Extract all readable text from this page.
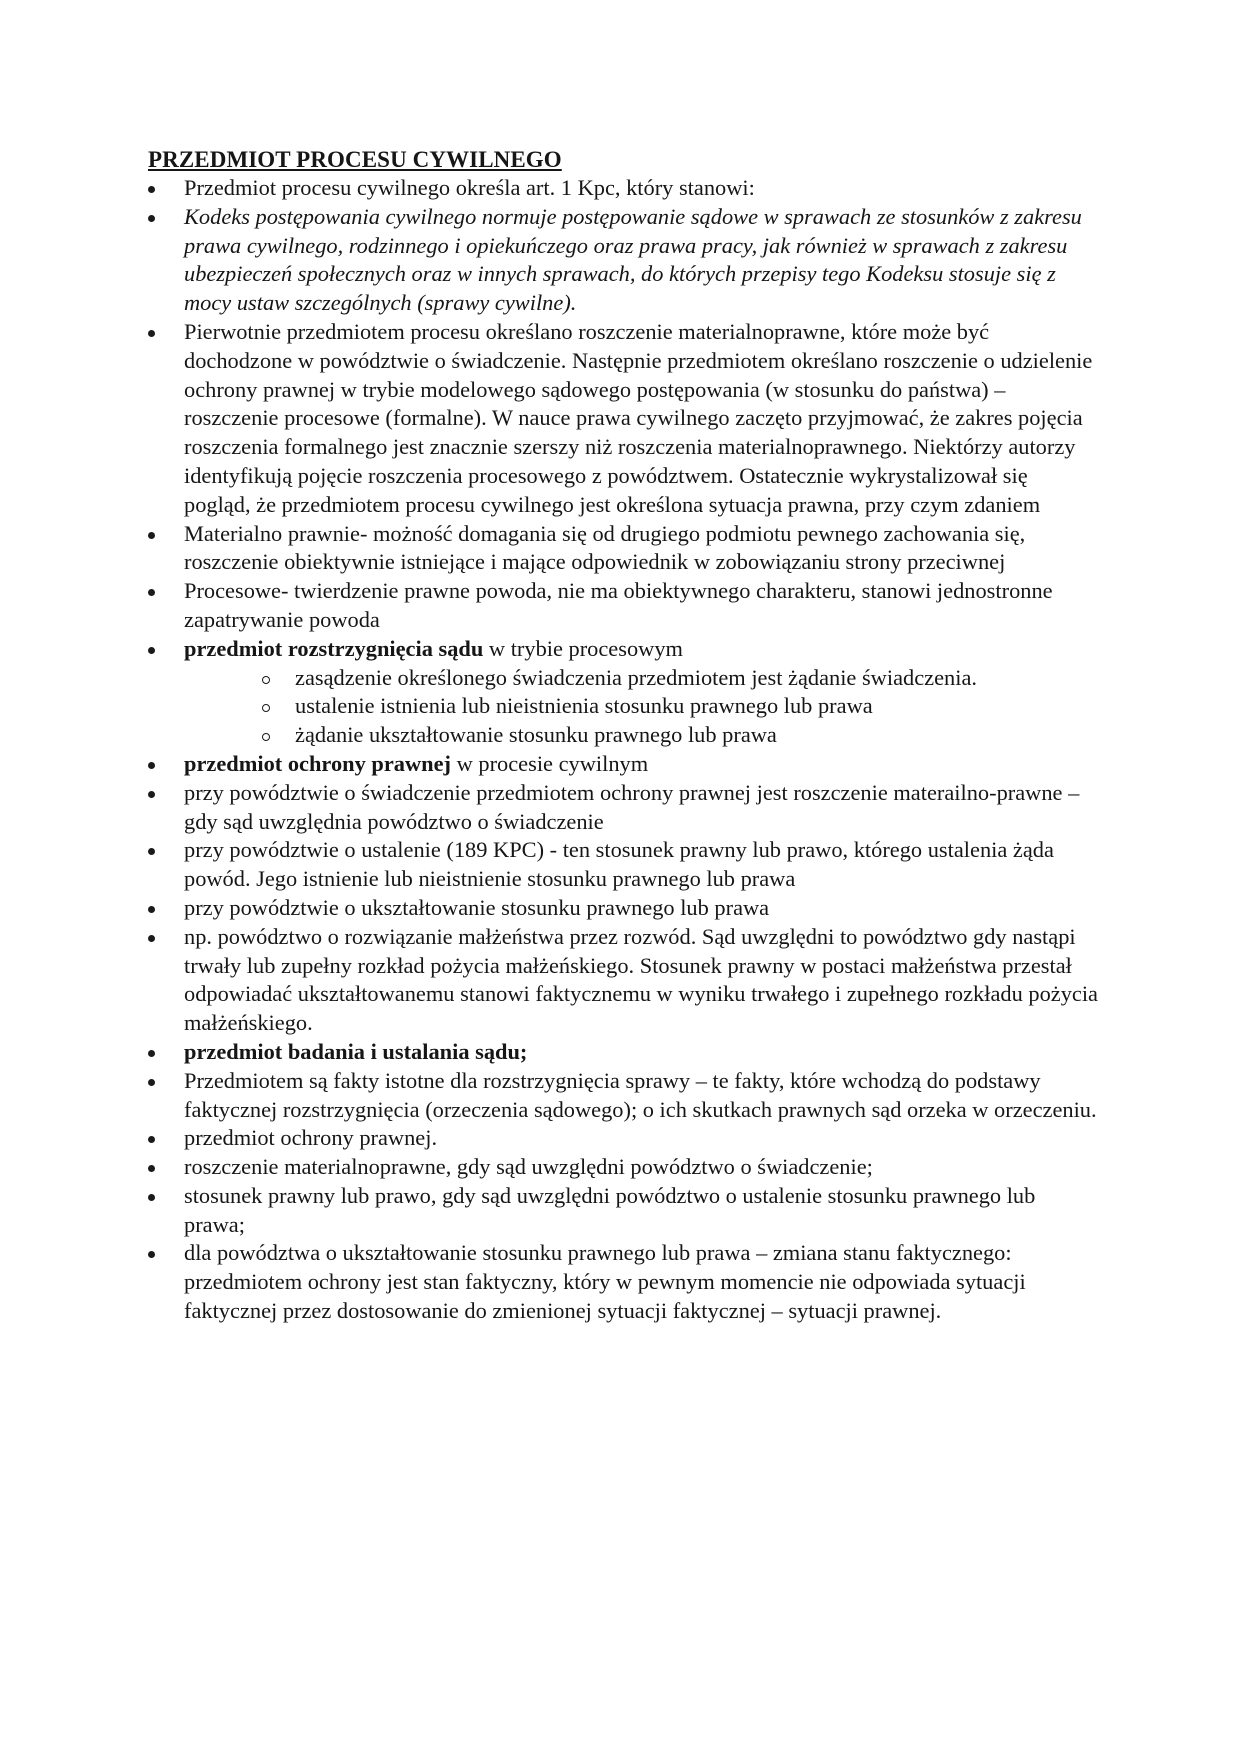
PRZEDMIOT PROCESU CYWILNEGO
Przedmiot procesu cywilnego określa art. 1 Kpc, który stanowi:
Kodeks postępowania cywilnego normuje postępowanie sądowe w sprawach ze stosunków z zakresu prawa cywilnego, rodzinnego i opiekuńczego oraz prawa pracy, jak również w sprawach z zakresu ubezpieczeń społecznych oraz w innych sprawach, do których przepisy tego Kodeksu stosuje się z mocy ustaw szczególnych (sprawy cywilne).
Pierwotnie przedmiotem procesu określano roszczenie materialnoprawne, które może być dochodzone w powództwie o świadczenie. Następnie przedmiotem określano roszczenie o udzielenie ochrony prawnej w trybie modelowego sądowego postępowania (w stosunku do państwa) – roszczenie procesowe (formalne). W nauce prawa cywilnego zaczęto przyjmować, że zakres pojęcia roszczenia formalnego jest znacznie szerszy niż roszczenia materialnoprawnego. Niektórzy autorzy identyfikują pojęcie roszczenia procesowego z powództwem. Ostatecznie wykrystalizował się pogląd, że przedmiotem procesu cywilnego jest określona sytuacja prawna, przy czym zdaniem
Materialno prawnie- możność domagania się od drugiego podmiotu pewnego zachowania się, roszczenie obiektywnie istniejące i mające odpowiednik w zobowiązaniu strony przeciwnej
Procesowe- twierdzenie prawne powoda, nie ma obiektywnego charakteru, stanowi jednostronne zapatrywanie powoda
przedmiot rozstrzygnięcia sądu w trybie procesowym
zasądzenie określonego świadczenia przedmiotem jest żądanie świadczenia.
ustalenie istnienia lub nieistnienia stosunku prawnego lub prawa
żądanie ukształtowanie stosunku prawnego lub prawa
przedmiot ochrony prawnej w procesie cywilnym
przy powództwie o świadczenie przedmiotem ochrony prawnej jest roszczenie materailno-prawne – gdy sąd uwzględnia powództwo o świadczenie
przy powództwie o ustalenie (189 KPC) - ten stosunek prawny lub prawo, którego ustalenia żąda powód. Jego istnienie lub nieistnienie stosunku prawnego lub prawa
przy powództwie o ukształtowanie stosunku prawnego lub prawa
np. powództwo o rozwiązanie małżeństwa przez rozwód. Sąd uwzględni to powództwo gdy nastąpi trwały lub zupełny rozkład pożycia małżeńskiego. Stosunek prawny w postaci małżeństwa przestał odpowiadać ukształtowanemu stanowi faktycznemu w wyniku trwałego i zupełnego rozkładu pożycia małżeńskiego.
przedmiot badania i ustalania sądu;
Przedmiotem są fakty istotne dla rozstrzygnięcia sprawy – te fakty, które wchodzą do podstawy faktycznej rozstrzygnięcia (orzeczenia sądowego); o ich skutkach prawnych sąd orzeka w orzeczeniu.
przedmiot ochrony prawnej.
roszczenie materialnoprawne, gdy sąd uwzględni powództwo o świadczenie;
stosunek prawny lub prawo, gdy sąd uwzględni powództwo o ustalenie stosunku prawnego lub prawa;
dla powództwa o ukształtowanie stosunku prawnego lub prawa – zmiana stanu faktycznego: przedmiotem ochrony jest stan faktyczny, który w pewnym momencie nie odpowiada sytuacji faktycznej przez dostosowanie do zmienionej sytuacji faktycznej – sytuacji prawnej.
